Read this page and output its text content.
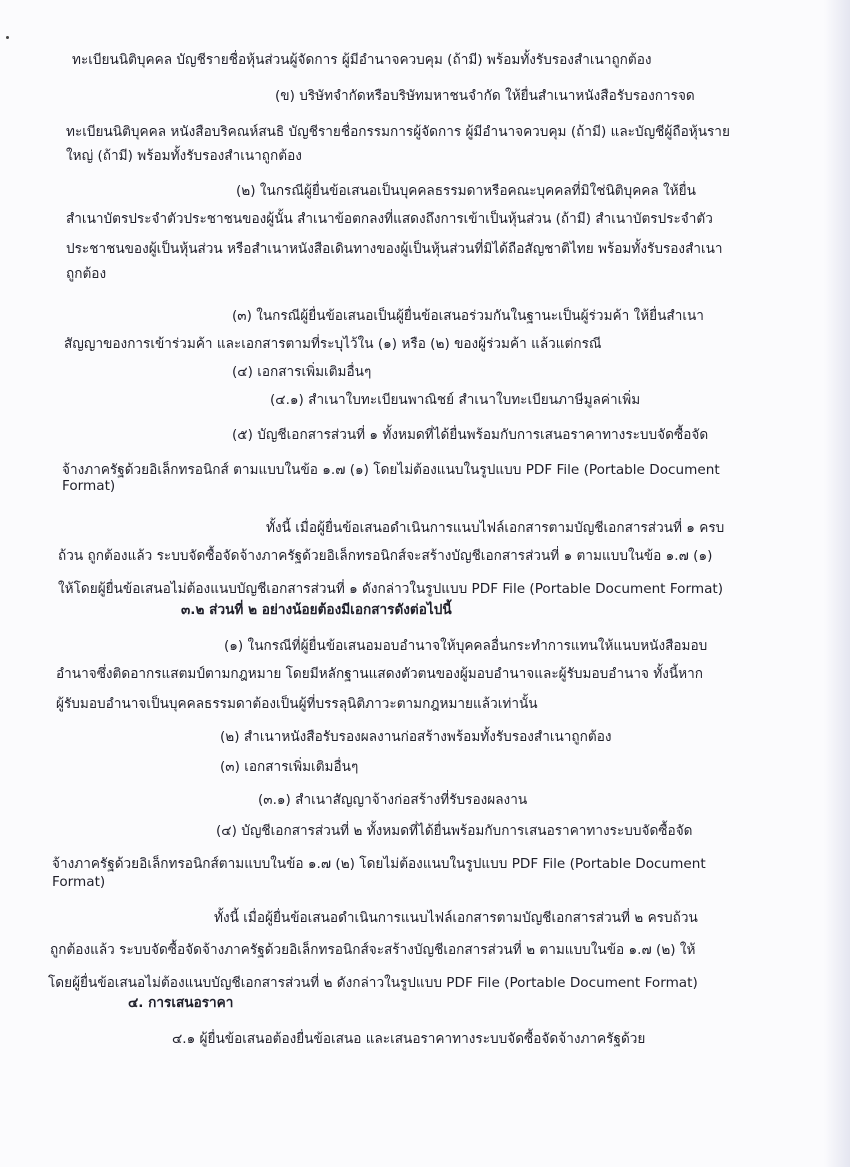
ทะเบียนนิติบุคคล บัญชีรายชื่อหุ้นส่วนผู้จัดการ ผู้มีอำนาจควบคุม (ถ้ามี) พร้อมทั้งรับรองสำเนาถูกต้อง
(ข) บริษัทจำกัดหรือบริษัทมหาชนจำกัด ให้ยื่นสำเนาหนังสือรับรองการจด
ทะเบียนนิติบุคคล หนังสือบริคณห์สนธิ บัญชีรายชื่อกรรมการผู้จัดการ ผู้มีอำนาจควบคุม (ถ้ามี) และบัญชีผู้ถือหุ้นราย
ใหญ่ (ถ้ามี) พร้อมทั้งรับรองสำเนาถูกต้อง
(๒) ในกรณีผู้ยื่นข้อเสนอเป็นบุคคลธรรมดาหรือคณะบุคคลที่มิใช่นิติบุคคล ให้ยื่น
สำเนาบัตรประจำตัวประชาชนของผู้นั้น สำเนาข้อตกลงที่แสดงถึงการเข้าเป็นหุ้นส่วน (ถ้ามี) สำเนาบัตรประจำตัว
ประชาชนของผู้เป็นหุ้นส่วน หรือสำเนาหนังสือเดินทางของผู้เป็นหุ้นส่วนที่มิได้ถือสัญชาติไทย พร้อมทั้งรับรองสำเนา
ถูกต้อง
(๓) ในกรณีผู้ยื่นข้อเสนอเป็นผู้ยื่นข้อเสนอร่วมกันในฐานะเป็นผู้ร่วมค้า ให้ยื่นสำเนา
สัญญาของการเข้าร่วมค้า และเอกสารตามที่ระบุไว้ใน (๑) หรือ (๒) ของผู้ร่วมค้า แล้วแต่กรณี
(๔) เอกสารเพิ่มเติมอื่นๆ
(๔.๑) สำเนาใบทะเบียนพาณิชย์ สำเนาใบทะเบียนภาษีมูลค่าเพิ่ม
(๕) บัญชีเอกสารส่วนที่ ๑ ทั้งหมดที่ได้ยื่นพร้อมกับการเสนอราคาทางระบบจัดซื้อจัด
จ้างภาครัฐด้วยอิเล็กทรอนิกส์ ตามแบบในข้อ ๑.๗ (๑) โดยไม่ต้องแนบในรูปแบบ PDF File (Portable Document
Format)
ทั้งนี้ เมื่อผู้ยื่นข้อเสนอดำเนินการแนบไฟล์เอกสารตามบัญชีเอกสารส่วนที่ ๑ ครบ
ถ้วน ถูกต้องแล้ว ระบบจัดซื้อจัดจ้างภาครัฐด้วยอิเล็กทรอนิกส์จะสร้างบัญชีเอกสารส่วนที่ ๑ ตามแบบในข้อ ๑.๗ (๑)
ให้โดยผู้ยื่นข้อเสนอไม่ต้องแนบบัญชีเอกสารส่วนที่ ๑ ดังกล่าวในรูปแบบ PDF File (Portable Document Format)
๓.๒ ส่วนที่ ๒ อย่างน้อยต้องมีเอกสารดังต่อไปนี้
(๑) ในกรณีที่ผู้ยื่นข้อเสนอมอบอำนาจให้บุคคลอื่นกระทำการแทนให้แนบหนังสือมอบ
อำนาจซึ่งติดอากรแสตมป์ตามกฎหมาย โดยมีหลักฐานแสดงตัวตนของผู้มอบอำนาจและผู้รับมอบอำนาจ ทั้งนี้หาก
ผู้รับมอบอำนาจเป็นบุคคลธรรมดาต้องเป็นผู้ที่บรรลุนิติภาวะตามกฎหมายแล้วเท่านั้น
(๒) สำเนาหนังสือรับรองผลงานก่อสร้างพร้อมทั้งรับรองสำเนาถูกต้อง
(๓) เอกสารเพิ่มเติมอื่นๆ
(๓.๑) สำเนาสัญญาจ้างก่อสร้างที่รับรองผลงาน
(๔) บัญชีเอกสารส่วนที่ ๒ ทั้งหมดที่ได้ยื่นพร้อมกับการเสนอราคาทางระบบจัดซื้อจัด
จ้างภาครัฐด้วยอิเล็กทรอนิกส์ตามแบบในข้อ ๑.๗ (๒) โดยไม่ต้องแนบในรูปแบบ PDF File (Portable Document
Format)
ทั้งนี้ เมื่อผู้ยื่นข้อเสนอดำเนินการแนบไฟล์เอกสารตามบัญชีเอกสารส่วนที่ ๒ ครบถ้วน
ถูกต้องแล้ว ระบบจัดซื้อจัดจ้างภาครัฐด้วยอิเล็กทรอนิกส์จะสร้างบัญชีเอกสารส่วนที่ ๒ ตามแบบในข้อ ๑.๗ (๒) ให้
โดยผู้ยื่นข้อเสนอไม่ต้องแนบบัญชีเอกสารส่วนที่ ๒ ดังกล่าวในรูปแบบ PDF File (Portable Document Format)
๔. การเสนอราคา
๔.๑ ผู้ยื่นข้อเสนอต้องยื่นข้อเสนอ และเสนอราคาทางระบบจัดซื้อจัดจ้างภาครัฐด้วย
